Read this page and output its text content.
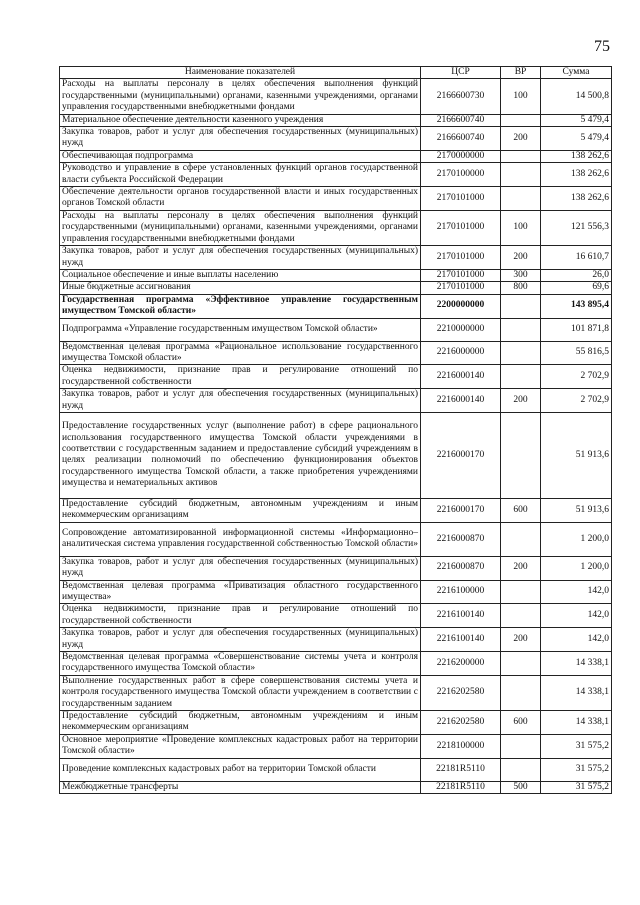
75
Наименование показателей	ЦСР	ВР	Сумма
Расходы на выплаты персоналу в целях обеспечения выполнения функций государственными (муниципальными) органами, казенными учреждениями, органами управления государственными внебюджетными фондами	2166600730	100	14 500,8
Материальное обеспечение деятельности казенного учреждения	2166600740		5 479,4
Закупка товаров, работ и услуг для обеспечения государственных (муниципальных) нужд	2166600740	200	5 479,4
Обеспечивающая подпрограмма	2170000000		138 262,6
Руководство и управление в сфере установленных функций органов государственной власти субъекта Российской Федерации	2170100000		138 262,6
Обеспечение деятельности органов государственной власти и иных государственных органов Томской области	2170101000		138 262,6
Расходы на выплаты персоналу в целях обеспечения выполнения функций государственными (муниципальными) органами, казенными учреждениями, органами управления государственными внебюджетными фондами	2170101000	100	121 556,3
Закупка товаров, работ и услуг для обеспечения государственных (муниципальных) нужд	2170101000	200	16 610,7
Социальное обеспечение и иные выплаты населению	2170101000	300	26,0
Иные бюджетные ассигнования	2170101000	800	69,6
Государственная программа «Эффективное управление государственным имуществом Томской области»	2200000000		143 895,4
Подпрограмма «Управление государственным имуществом Томской области»	2210000000		101 871,8
Ведомственная целевая программа «Рациональное использование государственного имущества Томской области»	2216000000		55 816,5
Оценка недвижимости, признание прав и регулирование отношений по государственной собственности	2216000140		2 702,9
Закупка товаров, работ и услуг для обеспечения государственных (муниципальных) нужд	2216000140	200	2 702,9
Предоставление государственных услуг (выполнение работ) в сфере рационального использования государственного имущества Томской области учреждениями в соответствии с государственным заданием и предоставление субсидий учреждениям в целях реализации полномочий по обеспечению функционирования объектов государственного имущества Томской области, а также приобретения учреждениями имущества и нематериальных активов	2216000170		51 913,6
Предоставление субсидий бюджетным, автономным учреждениям и иным некоммерческим организациям	2216000170	600	51 913,6
Сопровождение автоматизированной информационной системы «Информационно–аналитическая система управления государственной собственностью Томской области»	2216000870		1 200,0
Закупка товаров, работ и услуг для обеспечения государственных (муниципальных) нужд	2216000870	200	1 200,0
Ведомственная целевая программа «Приватизация областного государственного имущества»	2216100000		142,0
Оценка недвижимости, признание прав и регулирование отношений по государственной собственности	2216100140		142,0
Закупка товаров, работ и услуг для обеспечения государственных (муниципальных) нужд	2216100140	200	142,0
Ведомственная целевая программа «Совершенствование системы учета и контроля государственного имущества Томской области»	2216200000		14 338,1
Выполнение государственных работ в сфере совершенствования системы учета и контроля государственного имущества Томской области учреждением в соответствии с государственным заданием	2216202580		14 338,1
Предоставление субсидий бюджетным, автономным учреждениям и иным некоммерческим организациям	2216202580	600	14 338,1
Основное мероприятие «Проведение комплексных кадастровых работ на территории Томской области»	2218100000		31 575,2
Проведение комплексных кадастровых работ на территории Томской области	22181R5110		31 575,2
Межбюджетные трансферты	22181R5110	500	31 575,2
